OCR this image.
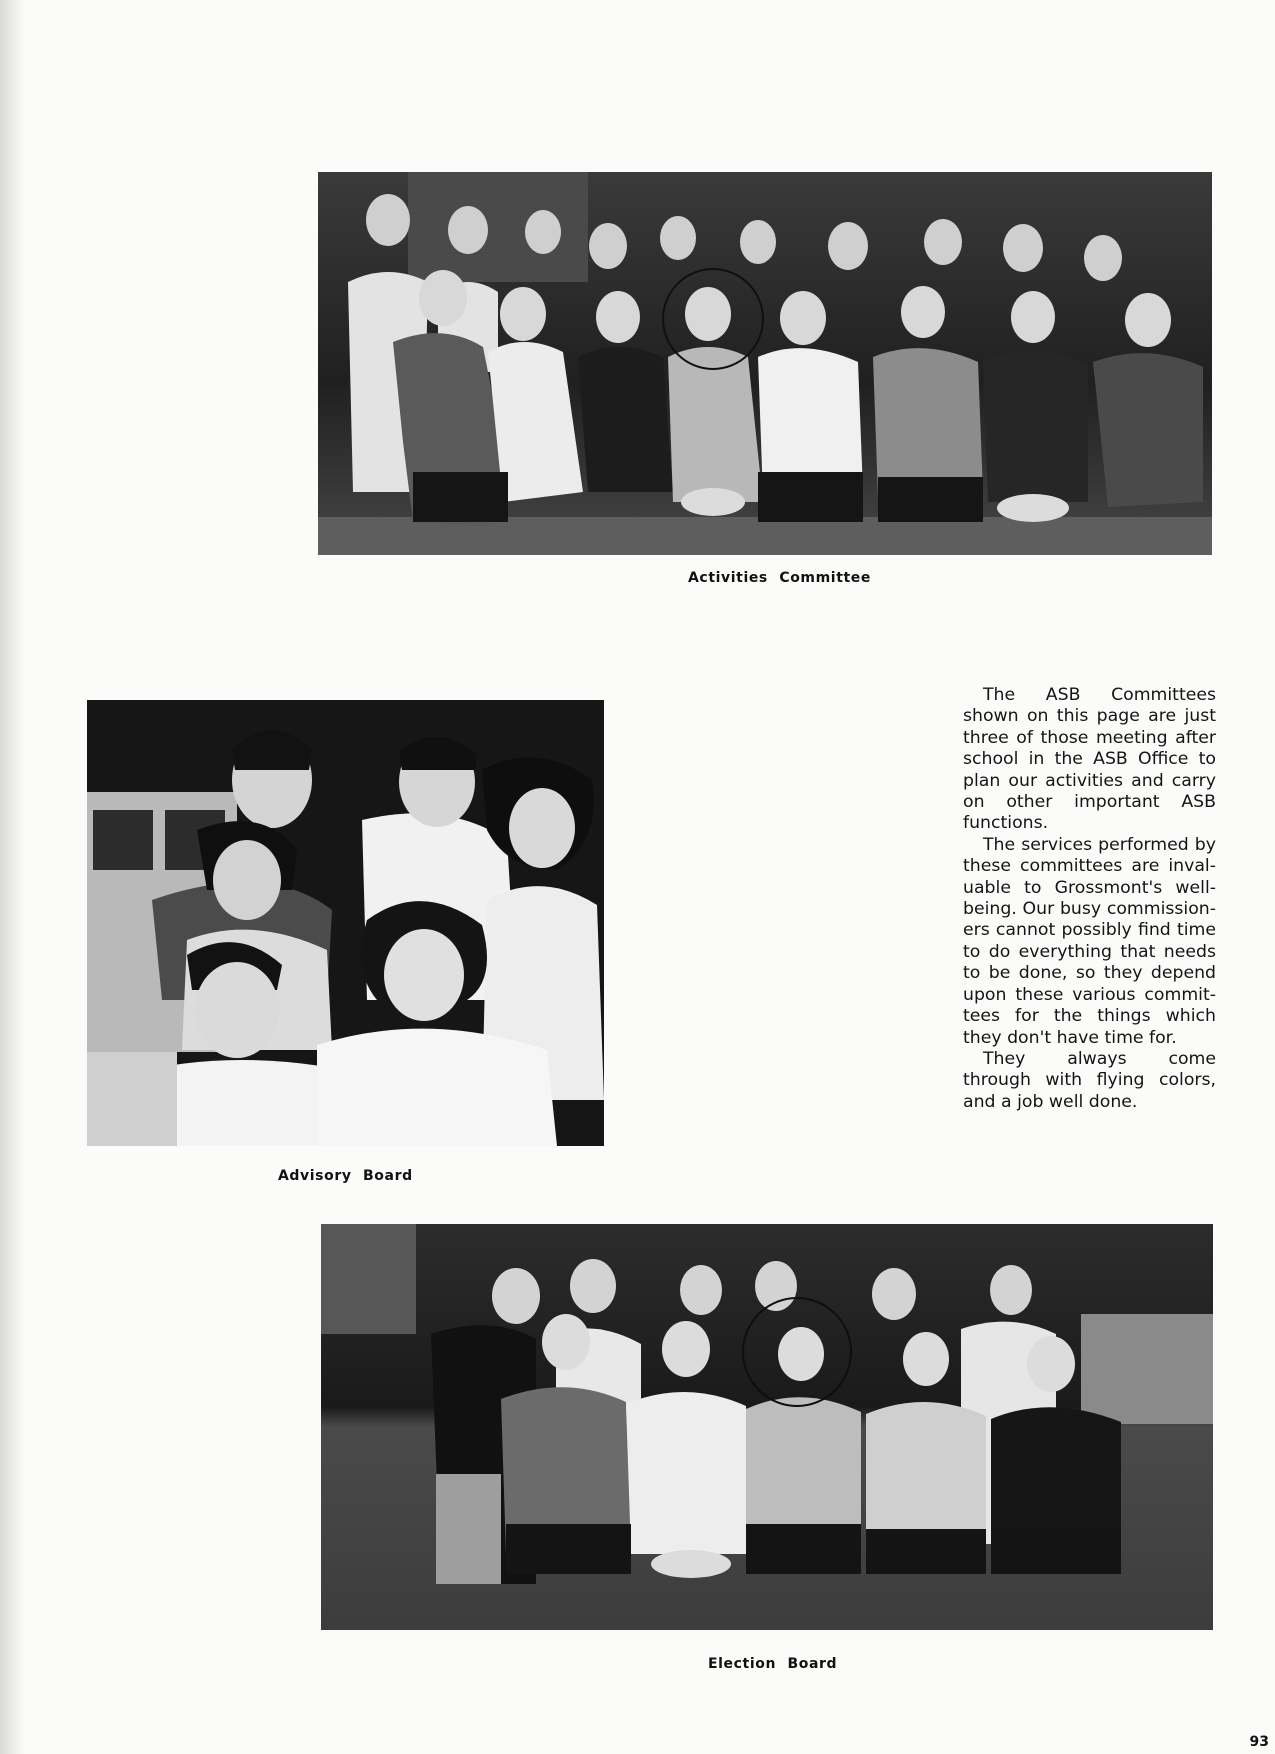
Activities Committee
Advisory Board

The ASB Committees shown on this page are just three of those meeting after school in the ASB Office to plan our activities and carry on other important ASB functions.

The services performed by these committees are invaluable to Grossmont's well-being. Our busy commissioners cannot possibly find time to do everything that needs to be done, so they depend upon these various committees for the things which they don't have time for.

They always come through with flying colors, and a job well done.

Election Board
93
